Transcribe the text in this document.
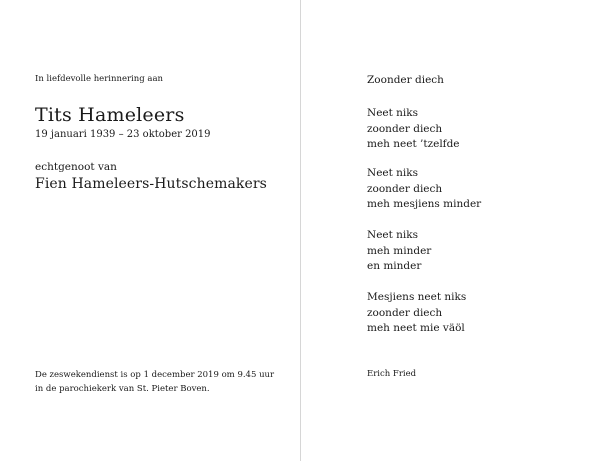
In liefdevolle herinnering aan
Tits Hameleers
19 januari 1939 – 23 oktober 2019
echtgenoot van
Fien Hameleers-Hutschemakers
De zeswekendienst is op 1 december 2019 om 9.45 uur
in de parochiekerk van St. Pieter Boven.
Zoonder diech
Neet niks
zoonder diech
meh neet ’tzelfde
Neet niks
zoonder diech
meh mesjiens minder
Neet niks
meh minder
en minder
Mesjiens neet niks
zoonder diech
meh neet mie väöl
Erich Fried
